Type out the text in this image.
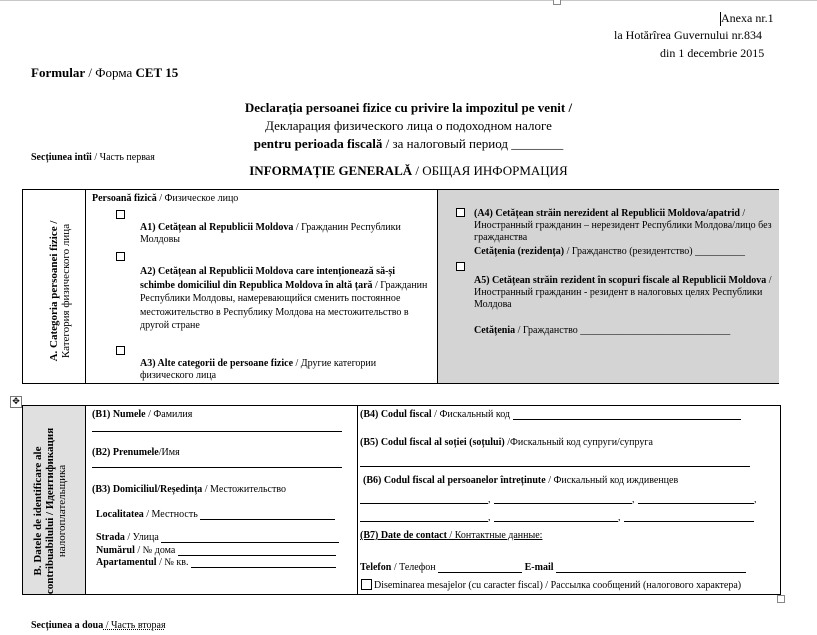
Anexa nr.1
la Hotărîrea Guvernului nr.834
din 1 decembrie 2015
Formular / Форма CET 15
Declarația persoanei fizice cu privire la impozitul pe venit /
Декларация физического лица о подоходном налоге
pentru perioada fiscală / за налоговый период ________
Secțiunea intîi / Часть первая
INFORMAȚIE GENERALĂ / ОБЩАЯ ИНФОРМАЦИЯ
A. Categoria persoanei fizice / Категория физического лица
Persoană fizică / Физическое лицо
A1) Cetățean al Republicii Moldova / Гражданин Республики Молдовы
A2) Cetățean al Republicii Moldova care intenționează să-și schimbe domiciliul din Republica Moldova în altă țară / Гражданин Республики Молдовы, намеревающийся сменить постоянное местожительство в Республику Молдова на местожительство в другой стране
A3) Alte categorii de persoane fizice / Другие категории физического лица
(A4) Cetățean străin nerezident al Republicii Moldova/apatrid / Иностранный гражданин – нерезидент Республики Молдова/лицо без гражданства
Cetățenia (rezidența) / Гражданство (резидентство) __________
A5) Cetățean străin rezident în scopuri fiscale al Republicii Moldova / Иностранный гражданин - резидент в налоговых целях Республики Молдова
Cetățenia / Гражданство ______________________________
✥
B. Datele de identificare ale contribuabilului / Идентификация налогоплательщика
(B1) Numele / Фамилия
(B2) Prenumele/Имя
(B3) Domiciliul/Reședința / Местожительство
Localitatea / Местность
Strada / Улица
Numărul / № дома
Apartamentul / № кв.
(B4) Codul fiscal / Фискальный код
(B5) Codul fiscal al soției (soțului) /Фискальный код супруги/супруга
(B6) Codul fiscal al persoanelor întreținute / Фискальный код иждивенцев
,	,	,
,	,
(B7) Date de contact / Контактные данные:
Telefon / Телефон	E-mail
Diseminarea mesajelor (cu caracter fiscal) / Рассылка сообщений (налогового характера)
Secțiunea a doua / Часть вторая
